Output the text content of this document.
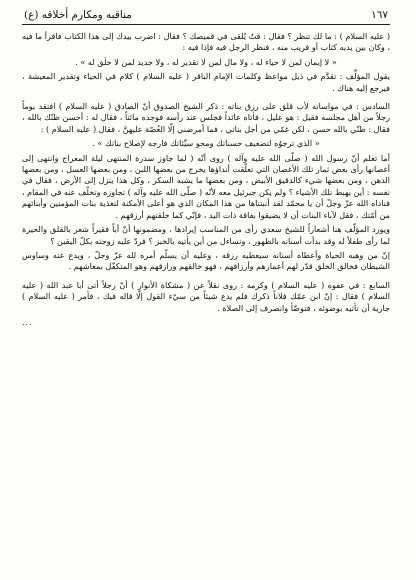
١٦٧
مناقبه ومكارم أخلاقه (ع)

( عليه السلام ) : ما لك تنظر ؟ فقال : قتٌ يُلقى في قميصك ؟ فقال : اضرب بيدك إلى هذا الكتاب فاقرأ ما فيه ، وكان بين يديه كتاب أو قريب منه ، فنظر الرجل فيه فإذا فيه :

« لا إيمان لمن لا حياء له ، ولا مال لمن لا تقدير له ، ولا جديد لمن لا خلَق له » .

يقول المؤلِّف : تقدَّم في ذيل مواعظ وكلمات الإمام الباقر ( عليه السلام ) كلام في الحياء وتقدير المعيشة ، فيرجع إليه هناك .

السادس : في مواساته لأب قلق على رزق بناته : ذكر الشيخ الصدوق أنّ الصادق ( عليه السلام ) افتقد يوماً رجلاً من أهل مجلسه فقيل : هو عليل ، فأتاه عائداً فجلس عند رأسه فوجده مائتاً ، فقال له : أحسن ظنّك بالله ، فقال : ظنّي بالله حسن ، لكن غمّي من أجل بناتي ، فما أمرضني إلّا الغُصّة عليهنَّ ، فقال ( عليه السلام ) :

« الذي ترجوُه لتضعيف حسناتك ومحو سيِّئاتك فارجه لإصلاح بناتك » .

أما تعلم أنّ رسول الله ( صلّى الله عليه وآله ) روى أنّه ( لما جاوز سدرة المنتهى ليلة المعراج وانتهى إلى أغصانها رأى بعض ثمار تلك الأغصان التي تعلّقت أنداؤها يخرج من بعضها اللبن ، ومن بعضها العسل ، ومن بعضها الدهن ، ومن بعضها شيء كالدقيق الأبيض ، ومن بعضها ما يشبه السكر ، وكل هذا ينزل إلى الأرض ، فقال في نفسه : أين يهبط تلك الأشياء ؟ ولم يكن جبرئيل معه لأنّه ( صلّى الله عليه وآله ) تجاوزه وتخلّف عنه في المقام ، فناداه الله عزّ وجلّ أن يا محمّد لقد أنبتناها من هذا المكان الذي هو أعلى الأمكنة لتغذية بنات المؤمنين وأبنائهم من أمّتك ، فقل لآباء البنات أن لا يضيقوا بفاقة ذات اليد ، فإنّي كما خلقتهم أرزقهم .

ويورد المؤلّف هنا أشعاراً للشيخ سعدي رأى من المناسب إيرادها ، ومضمونها أنّ أباً فقيراً شعر بالقلق والحيرة لما رأى طفلاً له وقد بدأت أسنانه بالظهور ، وتساءل من أين يأتيه بالخبز ؟ فردّ عليه زوجته بكلّ اليقين ؟

إنّ من وهبه الحياة وأعطاه أسنانه سيعطيه رزقه ، وعليه أن يسلّم أمره لله عزّ وجلّ ، ويدع عنه وساوس الشيطان فخالق الخلق قدّر لهم أعمارهم وأرزاقهم ، فهو خالقهم ورازقهم وهو المتكفّل بمعاشهم .

السابع : في عفوه ( عليه السلام ) وكرمه : روى نقلاً عن ( مشكاة الأنوار ) أنّ رجلاً أتى أبا عبد الله ( عليه السلام ) فقال : إنّ ابن عمّك فلاناً ذكرك فلم يدع شيئاً من سيّء القول إلّا قاله فيك ، فأمر ( عليه السلام ) جارية أن تأتيه بوضوئه ، فتوضّأ وانصرف إلى الصلاة .

...
